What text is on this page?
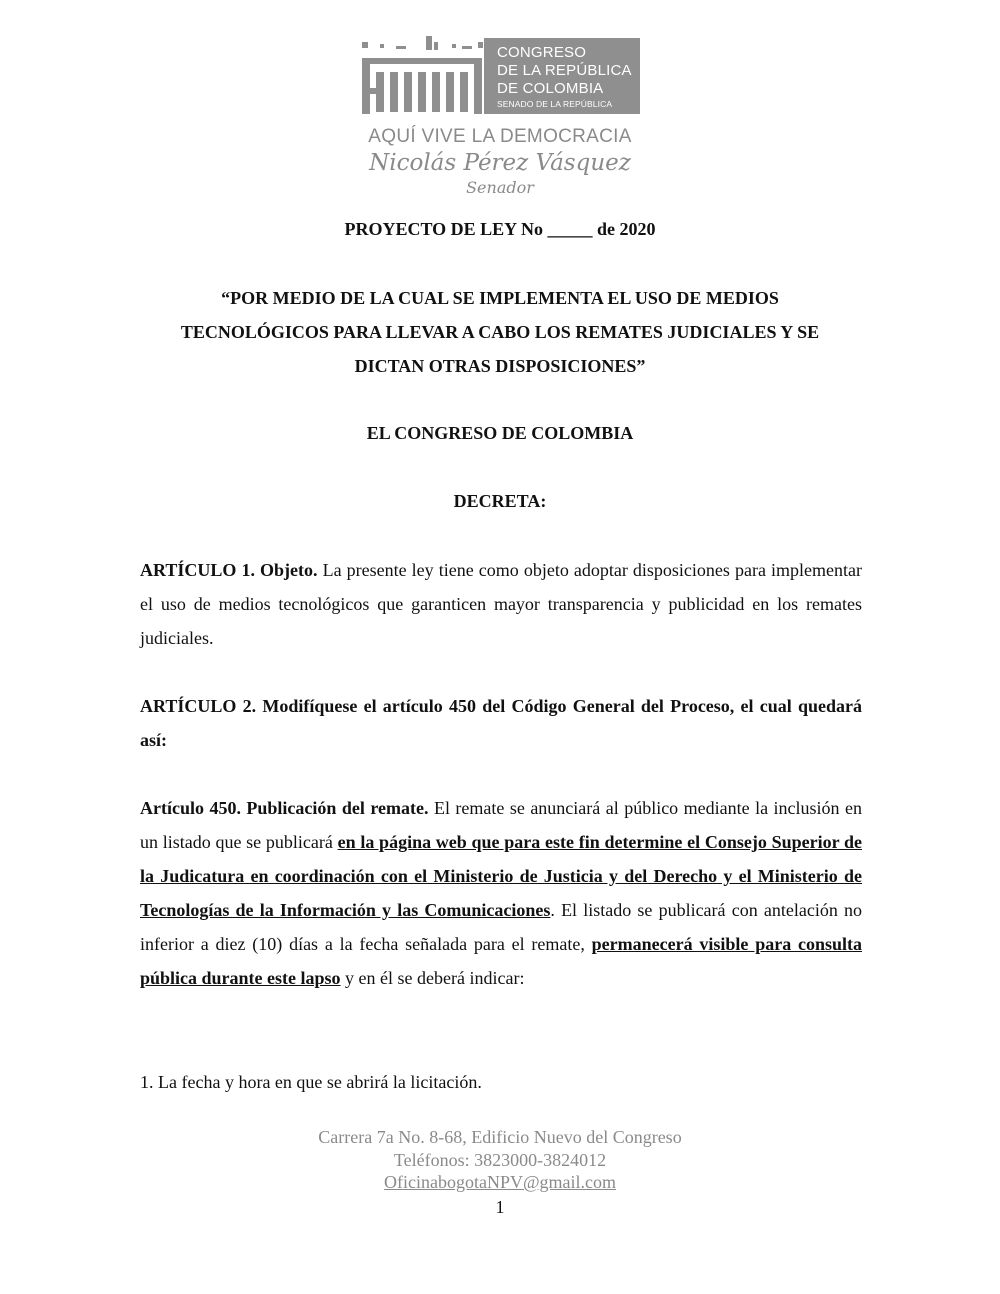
CONGRESO
DE LA REPÚBLICA
DE COLOMBIA
SENADO DE LA REPÚBLICA
AQUÍ VIVE LA DEMOCRACIA
Nicolás Pérez Vásquez
Senador
PROYECTO DE LEY No _____ de 2020
“POR MEDIO DE LA CUAL SE IMPLEMENTA EL USO DE MEDIOS TECNOLÓGICOS PARA LLEVAR A CABO LOS REMATES JUDICIALES Y SE DICTAN OTRAS DISPOSICIONES”
EL CONGRESO DE COLOMBIA
DECRETA:

ARTÍCULO 1. Objeto. La presente ley tiene como objeto adoptar disposiciones para implementar el uso de medios tecnológicos que garanticen mayor transparencia y publicidad en los remates judiciales.

ARTÍCULO 2. Modifíquese el artículo 450 del Código General del Proceso, el cual quedará así:

Artículo 450. Publicación del remate. El remate se anunciará al público mediante la inclusión en un listado que se publicará en la página web que para este fin determine el Consejo Superior de la Judicatura en coordinación con el Ministerio de Justicia y del Derecho y el Ministerio de Tecnologías de la Información y las Comunicaciones. El listado se publicará con antelación no inferior a diez (10) días a la fecha señalada para el remate, permanecerá visible para consulta pública durante este lapso y en él se deberá indicar:

1. La fecha y hora en que se abrirá la licitación.

Carrera 7a No. 8-68, Edificio Nuevo del Congreso
Teléfonos: 3823000-3824012
OficinabogotaNPV@gmail.com
1
